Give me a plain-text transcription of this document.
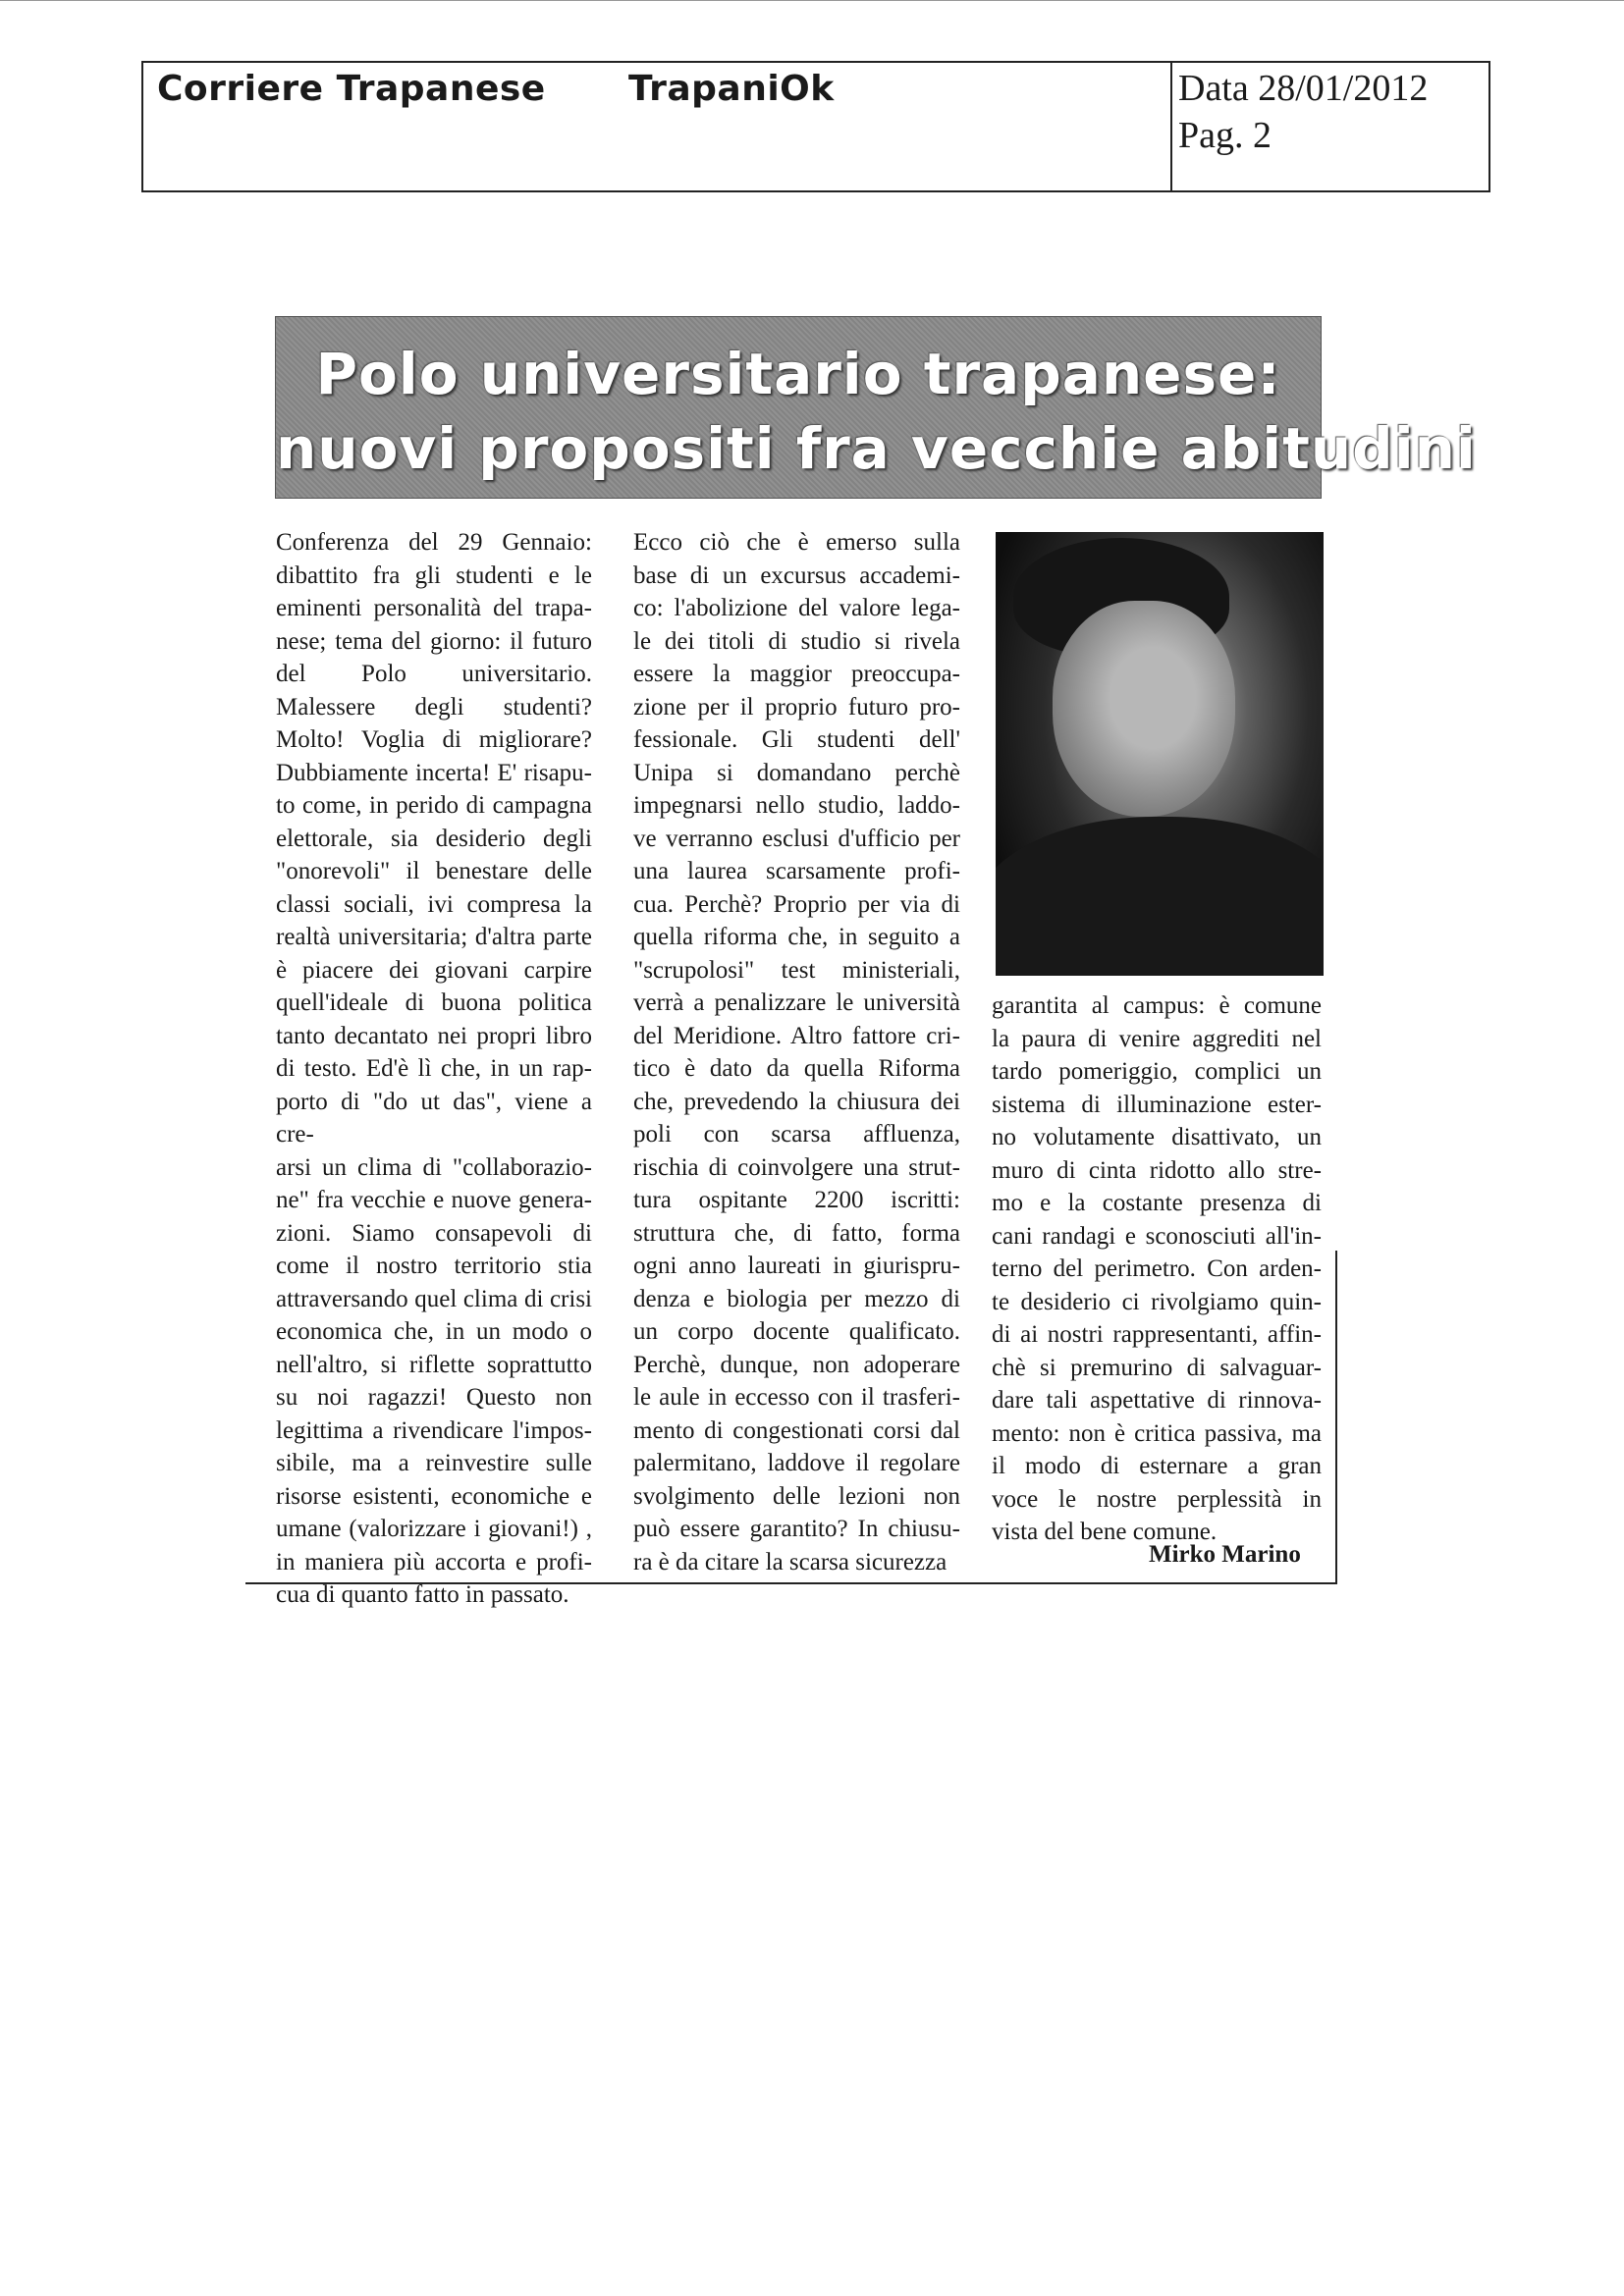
Corriere Trapanese TrapaniOk	Data 28/01/2012
Pag. 2
Polo universitario trapanese:
nuovi propositi fra vecchie abitudini
Conferenza del 29 Gennaio:
dibattito fra gli studenti e le
eminenti personalità del trapa-
nese; tema del giorno: il futuro
del Polo universitario.
Malessere degli studenti?
Molto! Voglia di migliorare?
Dubbiamente incerta! E' risapu-
to come, in perido di campagna
elettorale, sia desiderio degli
"onorevoli" il benestare delle
classi sociali, ivi compresa la
realtà universitaria; d'altra parte
è piacere dei giovani carpire
quell'ideale di buona politica
tanto decantato nei propri libro
di testo. Ed'è lì che, in un rap-
porto di "do ut das", viene a cre-
arsi un clima di "collaborazio-
ne" fra vecchie e nuove genera-
zioni. Siamo consapevoli di
come il nostro territorio stia
attraversando quel clima di crisi
economica che, in un modo o
nell'altro, si riflette soprattutto
su noi ragazzi! Questo non
legittima a rivendicare l'impos-
sibile, ma a reinvestire sulle
risorse esistenti, economiche e
umane (valorizzare i giovani!) ,
in maniera più accorta e profi-
cua di quanto fatto in passato.
Ecco ciò che è emerso sulla
base di un excursus accademi-
co: l'abolizione del valore lega-
le dei titoli di studio si rivela
essere la maggior preoccupa-
zione per il proprio futuro pro-
fessionale. Gli studenti dell'
Unipa si domandano perchè
impegnarsi nello studio, laddo-
ve verranno esclusi d'ufficio per
una laurea scarsamente profi-
cua. Perchè? Proprio per via di
quella riforma che, in seguito a
"scrupolosi" test ministeriali,
verrà a penalizzare le università
del Meridione. Altro fattore cri-
tico è dato da quella Riforma
che, prevedendo la chiusura dei
poli con scarsa affluenza,
rischia di coinvolgere una strut-
tura ospitante 2200 iscritti:
struttura che, di fatto, forma
ogni anno laureati in giurispru-
denza e biologia per mezzo di
un corpo docente qualificato.
Perchè, dunque, non adoperare
le aule in eccesso con il trasferi-
mento di congestionati corsi dal
palermitano, laddove il regolare
svolgimento delle lezioni non
può essere garantito? In chiusu-
ra è da citare la scarsa sicurezza
garantita al campus: è comune
la paura di venire aggrediti nel
tardo pomeriggio, complici un
sistema di illuminazione ester-
no volutamente disattivato, un
muro di cinta ridotto allo stre-
mo e la costante presenza di
cani randagi e sconosciuti all'in-
terno del perimetro. Con arden-
te desiderio ci rivolgiamo quin-
di ai nostri rappresentanti, affin-
chè si premurino di salvaguar-
dare tali aspettative di rinnova-
mento: non è critica passiva, ma
il modo di esternare a gran
voce le nostre perplessità in
vista del bene comune.
Mirko Marino
